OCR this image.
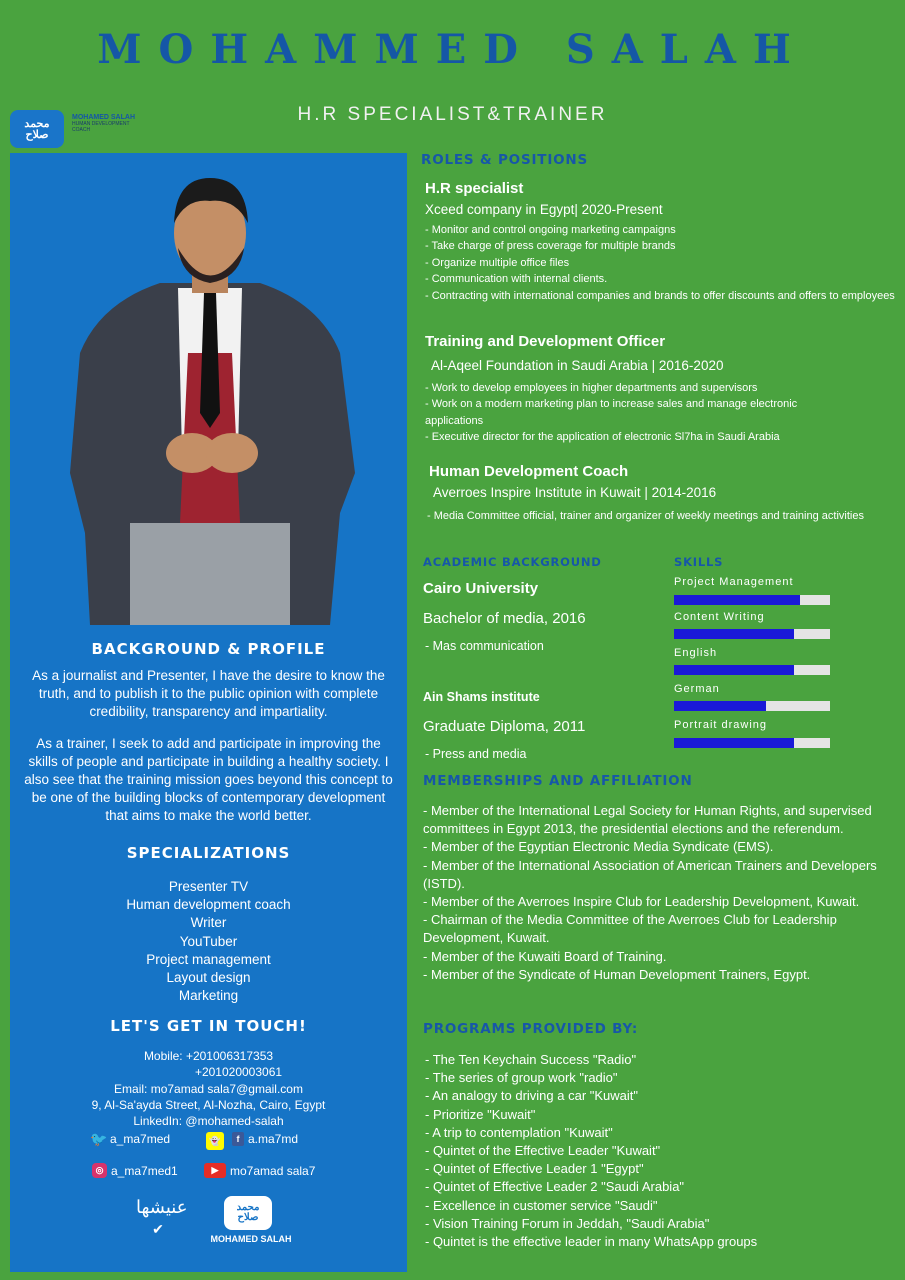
MOHAMMED SALAH
H.R SPECIALIST&TRAINER
محمد
صلاح
MOHAMED SALAH
HUMAN DEVELOPMENT COACH
BACKGROUND & PROFILE
As a journalist and Presenter, I have the desire to know the truth, and to publish it to the public opinion with complete credibility, transparency and impartiality.
As a trainer, I seek to add and participate in improving the skills of people and participate in building a healthy society. I also see that the training mission goes beyond this concept to be one of the building blocks of contemporary development that aims to make the world better.
SPECIALIZATIONS
Presenter TV
Human development coach
Writer
YouTuber
Project management
Layout design
Marketing
LET'S GET IN TOUCH!
Mobile: +201006317353
+201020003061
Email: mo7amad sala7@gmail.com
9, Al-Sa'ayda Street, Al-Nozha, Cairo, Egypt
LinkedIn: @mohamed-salah
🐦 a_ma7med	👻	f a.ma7md
◎ a_ma7med1	▶ mo7amad sala7
عنيشها
✔
محمد
صلاح
MOHAMED SALAH
ROLES & POSITIONS
H.R specialist
Xceed company in Egypt| 2020-Present
- Monitor and control ongoing marketing campaigns
- Take charge of press coverage for multiple brands
- Organize multiple office files
- Communication with internal clients.
- Contracting with international companies and brands to offer discounts and offers to employees
Training and Development Officer
Al-Aqeel Foundation in Saudi Arabia | 2016-2020
- Work to develop employees in higher departments and supervisors
- Work on a modern marketing plan to increase sales and manage electronic applications
- Executive director for the application of electronic Sl7ha in Saudi Arabia
Human Development Coach
Averroes Inspire Institute in Kuwait | 2014-2016
- Media Committee official, trainer and organizer of weekly meetings and training activities
ACADEMIC BACKGROUND
Cairo University
Bachelor of media, 2016
- Mas communication
Ain Shams institute
Graduate Diploma, 2011
- Press and media
SKILLS
Project Management
Content Writing
English
German
Portrait drawing
MEMBERSHIPS AND AFFILIATION
- Member of the International Legal Society for Human Rights, and supervised committees in Egypt 2013, the presidential elections and the referendum.
- Member of the Egyptian Electronic Media Syndicate (EMS).
- Member of the International Association of American Trainers and Developers (ISTD).
- Member of the Averroes Inspire Club for Leadership Development, Kuwait.
- Chairman of the Media Committee of the Averroes Club for Leadership Development, Kuwait.
- Member of the Kuwaiti Board of Training.
- Member of the Syndicate of Human Development Trainers, Egypt.
PROGRAMS PROVIDED BY:
- The Ten Keychain Success "Radio"
- The series of group work "radio"
- An analogy to driving a car "Kuwait"
- Prioritize "Kuwait"
- A trip to contemplation "Kuwait"
- Quintet of the Effective Leader "Kuwait"
- Quintet of Effective Leader 1 "Egypt"
- Quintet of Effective Leader 2 "Saudi Arabia"
- Excellence in customer service "Saudi"
- Vision Training Forum in Jeddah, "Saudi Arabia"
- Quintet is the effective leader in many WhatsApp groups
